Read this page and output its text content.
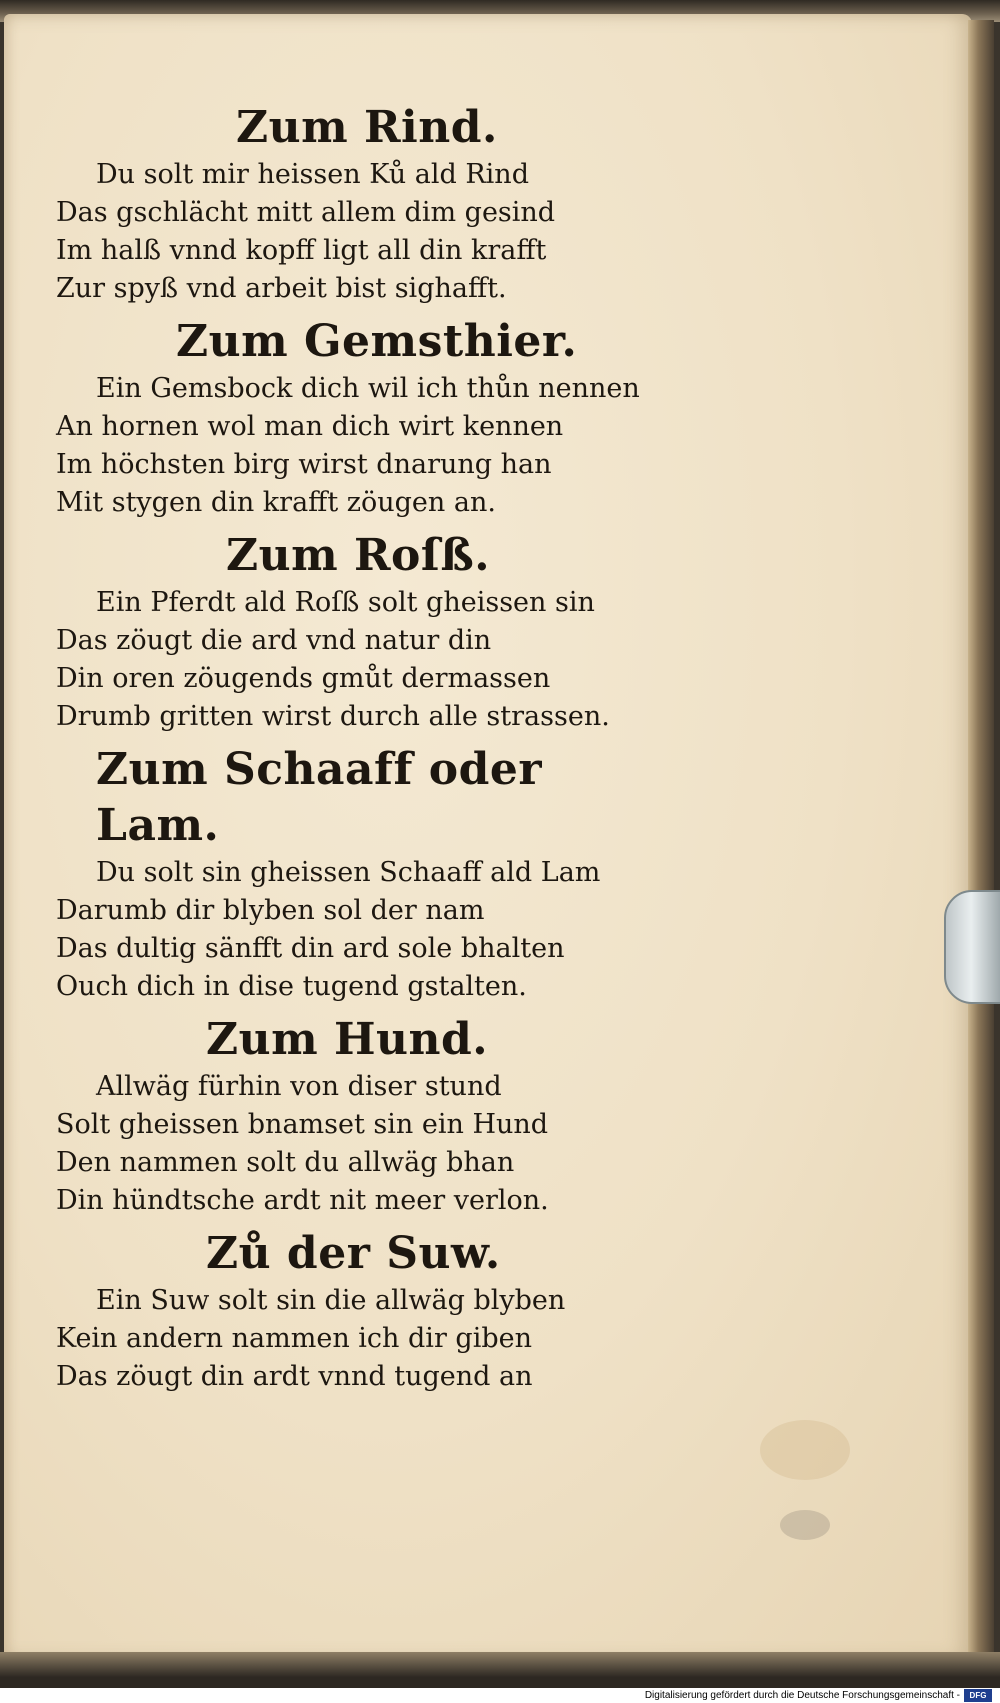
Zum Rind.

Du solt mir heissen Ků ald Rind

Das gschlächt mitt allem dim gesind

Im halß vnnd kopff ligt all din krafft

Zur spyß vnd arbeit bist sighafft.

Zum Gemsthier.

Ein Gemsbock dich wil ich thůn nennen

An hornen wol man dich wirt kennen

Im höchsten birg wirst dnarung han

Mit stygen din krafft zöugen an.

Zum Roſß.

Ein Pferdt ald Roſß solt gheissen sin

Das zöugt die ard vnd natur din

Din oren zöugends gmůt dermassen

Drumb gritten wirst durch alle strassen.

Zum Schaaff oder Lam.

Du solt sin gheissen Schaaff ald Lam

Darumb dir blyben sol der nam

Das dultig sänfft din ard sole bhalten

Ouch dich in dise tugend gstalten.

Zum Hund.

Allwäg fürhin von diser stund

Solt gheissen bnamset sin ein Hund

Den nammen solt du allwäg bhan

Din hündtsche ardt nit meer verlon.

Zů der Suw.

Ein Suw solt sin die allwäg blyben

Kein andern nammen ich dir giben

Das zöugt din ardt vnnd tugend an

Digitalisierung gefördert durch die Deutsche Forschungsgemeinschaft -	DFG
